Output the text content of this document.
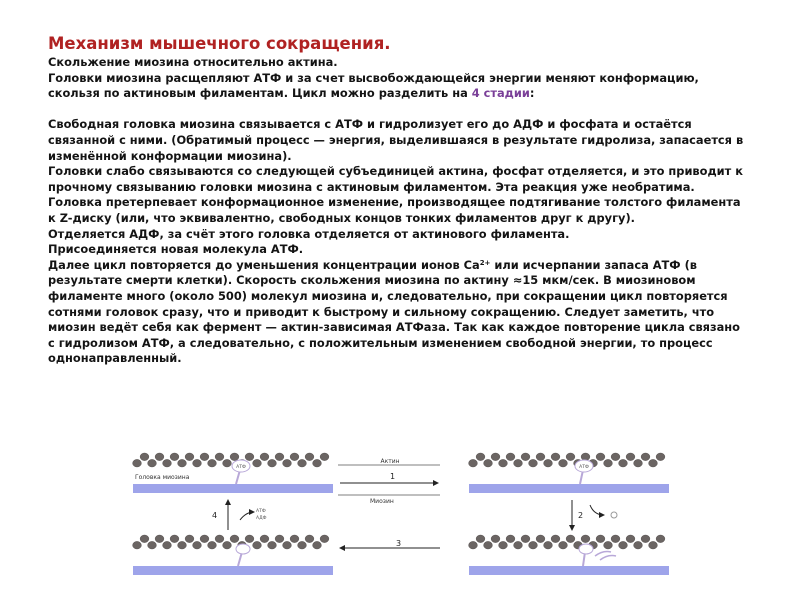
Механизм мышечного сокращения.

Скольжение миозина относительно актина.

Головки миозина расщепляют АТФ и за счет высвобождающейся энергии меняют конформацию, скользя по актиновым филаментам. Цикл можно разделить на 4 стадии:

Свободная головка миозина связывается с АТФ и гидролизует его до АДФ и фосфата и остаётся связанной с ними. (Обратимый процесс — энергия, выделившаяся в результате гидролиза, запасается в изменённой конформации миозина).

Головки слабо связываются со следующей субъединицей актина, фосфат отделяется, и это приводит к прочному связыванию головки миозина с актиновым филаментом. Эта реакция уже необратима.

Головка претерпевает конформационное изменение, производящее подтягивание толстого филамента к Z-диску (или, что эквивалентно, свободных концов тонких филаментов друг к другу).

Отделяется АДФ, за счёт этого головка отделяется от актинового филамента.

Присоединяется новая молекула АТФ.

Далее цикл повторяется до уменьшения концентрации ионов $Ca^{2+}$ или исчерпании запаса АТФ (в результате смерти клетки). Скорость скольжения миозина по актину ≈15 мкм/сек. В миозиновом филаменте много (около 500) молекул миозина и, следовательно, при сокращении цикл повторяется сотнями головок сразу, что и приводит к быстрому и сильному сокращению. Следует заметить, что миозин ведёт себя как фермент — актин-зависимая АТФаза. Так как каждое повторение цикла связано с гидролизом АТФ, а следовательно, с положительным изменением свободной энергии, то процесс однонаправленный.

АТФ	АТФ
Актин
Головка миозина
Миозин
1
2
3
4	АТФ
АДФ
